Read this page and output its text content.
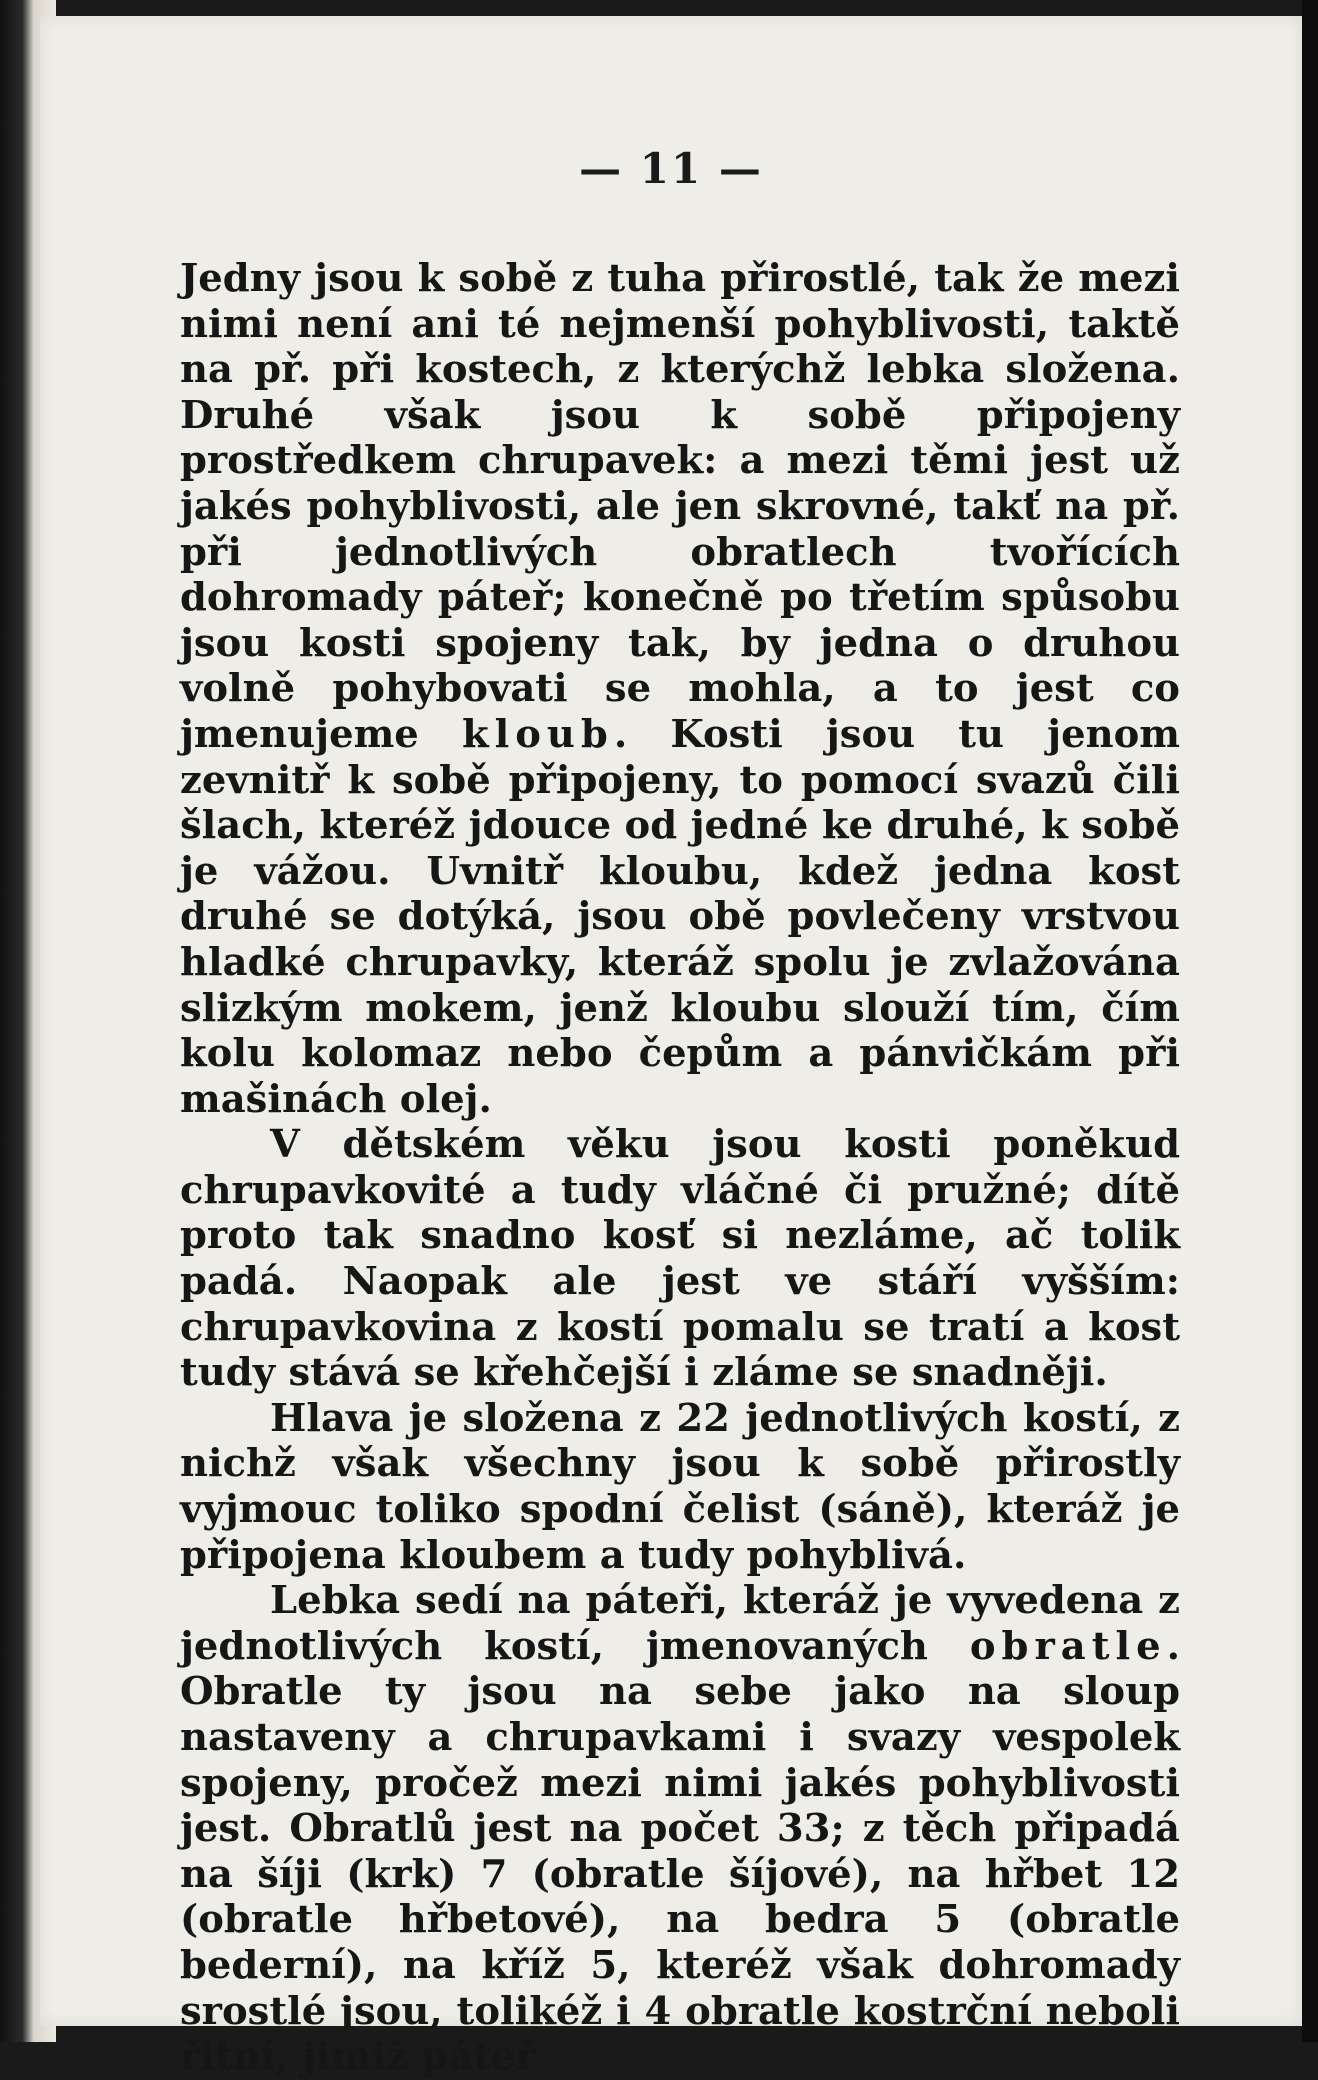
— 11 —

Jedny jsou k sobě z tuha přirostlé, tak že mezi nimi není ani té nejmenší pohyblivosti, taktě na př. při kostech, z kterýchž lebka složena. Druhé však jsou k sobě připojeny prostředkem chrupavek: a mezi těmi jest už jakés pohyblivosti, ale jen skrovné, takť na př. při jednotlivých obratlech tvořících dohromady páteř; konečně po třetím spůsobu jsou kosti spojeny tak, by jedna o druhou volně pohybovati se mohla, a to jest co jmenujeme kloub. Kosti jsou tu jenom zevnitř k sobě připojeny, to pomocí svazů čili šlach, kteréž jdouce od jedné ke druhé, k sobě je vážou. Uvnitř kloubu, kdež jedna kost druhé se dotýká, jsou obě povlečeny vrstvou hladké chrupavky, kteráž spolu je zvlažována slizkým mokem, jenž kloubu slouží tím, čím kolu kolomaz nebo čepům a pánvičkám při mašinách olej.

V dětském věku jsou kosti poněkud chrupavkovité a tudy vláčné či pružné; dítě proto tak snadno kosť si nezláme, ač tolik padá. Naopak ale jest ve stáří vyšším: chrupavkovina z kostí pomalu se tratí a kost tudy stává se křehčejší i zláme se snadněji.

Hlava je složena z 22 jednotlivých kostí, z nichž však všechny jsou k sobě přirostly vyjmouc toliko spodní čelist (sáně), kteráž je připojena kloubem a tudy pohyblivá.

Lebka sedí na páteři, kteráž je vyvedena z jednotlivých kostí, jmenovaných obratle. Obratle ty jsou na sebe jako na sloup nastaveny a chrupavkami i svazy vespolek spojeny, pročež mezi nimi jakés pohyblivosti jest. Obratlů jest na počet 33; z těch připadá na šíji (krk) 7 (obratle šíjové), na hřbet 12 (obratle hřbetové), na bedra 5 (obratle bederní), na kříž 5, kteréž však dohromady srostlé jsou, tolikéž i 4 obratle kostrční neboli řitní, jimiž páteř
